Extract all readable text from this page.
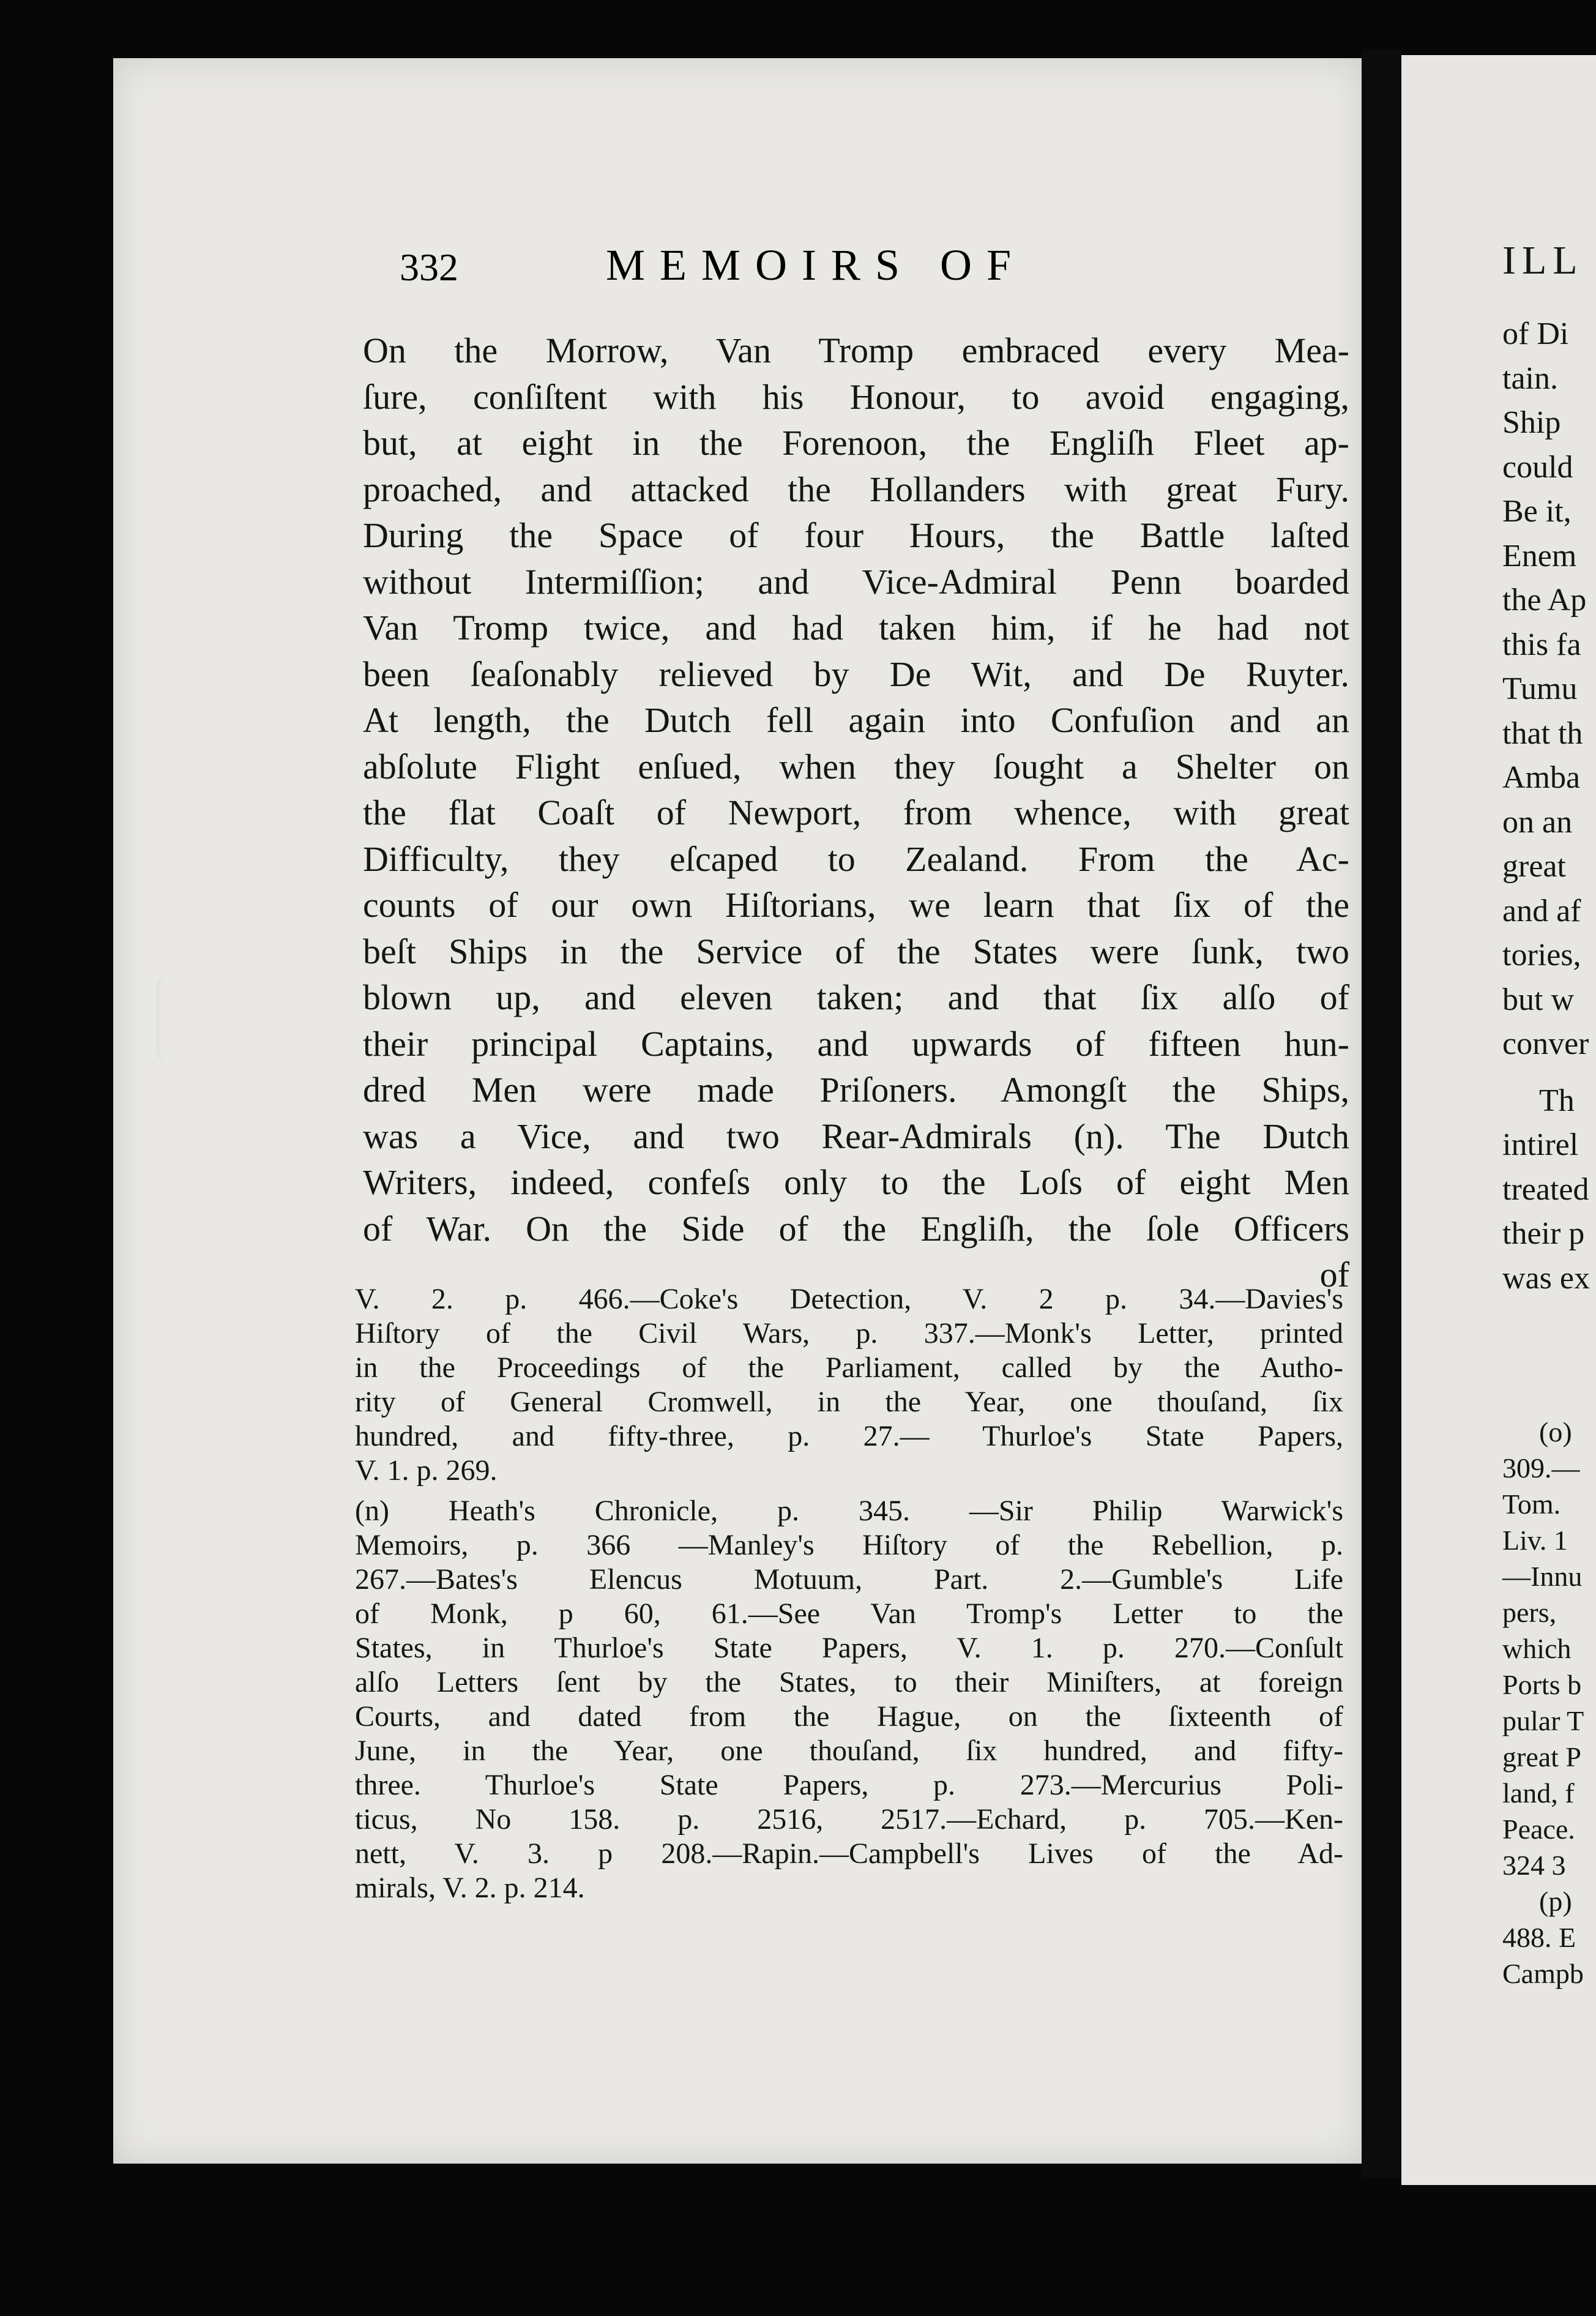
332	MEMOIRS OF
On the Morrow, Van Tromp embraced every Mea-
ſure, conſiſtent with his Honour, to avoid engaging,
but, at eight in the Forenoon, the Engliſh Fleet ap-
proached, and attacked the Hollanders with great Fury.
During the Space of four Hours, the Battle laſted
without Intermiſſion; and Vice-Admiral Penn boarded
Van Tromp twice, and had taken him, if he had not
been ſeaſonably relieved by De Wit, and De Ruyter.
At length, the Dutch fell again into Confuſion and an
abſolute Flight enſued, when they ſought a Shelter on
the flat Coaſt of Newport, from whence, with great
Difficulty, they eſcaped to Zealand. From the Ac-
counts of our own Hiſtorians, we learn that ſix of the
beſt Ships in the Service of the States were ſunk, two
blown up, and eleven taken; and that ſix alſo of
their principal Captains, and upwards of fifteen hun-
dred Men were made Priſoners. Amongſt the Ships,
was a Vice, and two Rear-Admirals (n). The Dutch
Writers, indeed, confeſs only to the Loſs of eight Men
of War. On the Side of the Engliſh, the ſole Officers
of
V. 2. p. 466.—Coke's Detection, V. 2 p. 34.—Davies's
Hiſtory of the Civil Wars, p. 337.—Monk's Letter, printed
in the Proceedings of the Parliament, called by the Autho-
rity of General Cromwell, in the Year, one thouſand, ſix
hundred, and fifty-three, p. 27.— Thurloe's State Papers,
V. 1. p. 269.
(n) Heath's Chronicle, p. 345. —Sir Philip Warwick's
Memoirs, p. 366 —Manley's Hiſtory of the Rebellion, p.
267.—Bates's Elencus Motuum, Part. 2.—Gumble's Life
of Monk, p 60, 61.—See Van Tromp's Letter to the
States, in Thurloe's State Papers, V. 1. p. 270.—Conſult
alſo Letters ſent by the States, to their Miniſters, at foreign
Courts, and dated from the Hague, on the ſixteenth of
June, in the Year, one thouſand, ſix hundred, and fifty-
three. Thurloe's State Papers, p. 273.—Mercurius Poli-
ticus, No 158. p. 2516, 2517.—Echard, p. 705.—Ken-
nett, V. 3. p 208.—Rapin.—Campbell's Lives of the Ad-
mirals, V. 2. p. 214.
ILL
of Di
tain.
Ship
could
Be it,
Enem
the Ap
this fa
Tumu
that th
Amba
on an
great
and af
tories,
but w
conver
Th
intirel
treated
their p
was ex
(o)
309.—
Tom.
Liv. 1
—Innu
pers,
which
Ports b
pular T
great P
land, f
Peace.
324 3
(p)
488. E
Campb
